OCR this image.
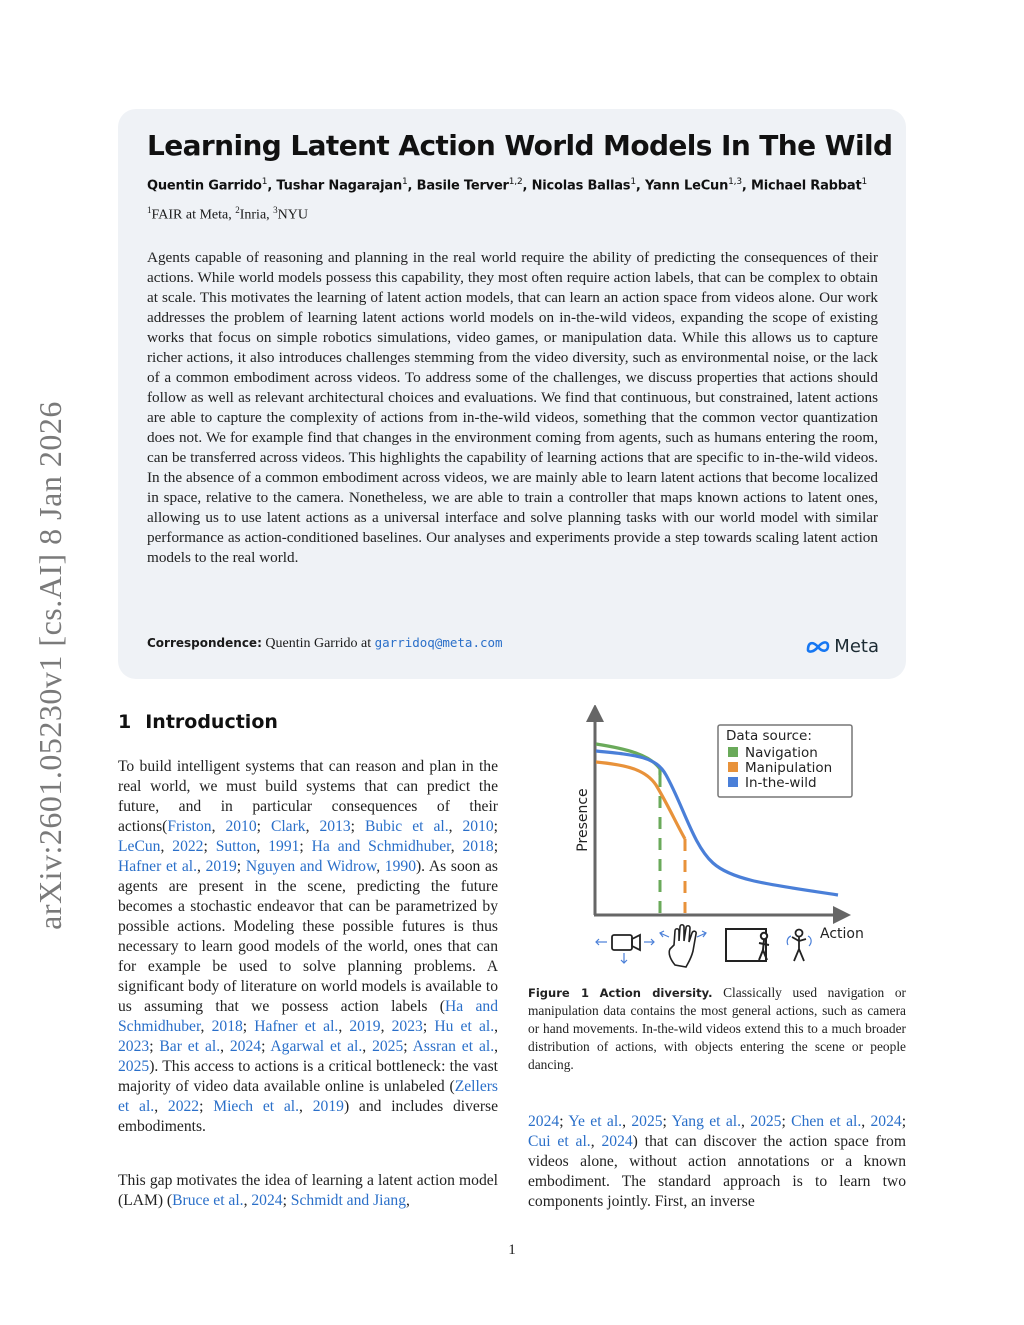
arXiv:2601.05230v1 [cs.AI] 8 Jan 2026
Learning Latent Action World Models In The Wild
Quentin Garrido$^1$, Tushar Nagarajan$^1$, Basile Terver$^{1,2}$, Nicolas Ballas$^1$, Yann LeCun$^{1,3}$, Michael Rabbat$^1$
$^1$FAIR at Meta, $^2$Inria, $^3$NYU

Agents capable of reasoning and planning in the real world require the ability of predicting the consequences of their actions. While world models possess this capability, they most often require action labels, that can be complex to obtain at scale. This motivates the learning of latent action models, that can learn an action space from videos alone. Our work addresses the problem of learning latent actions world models on in-the-wild videos, expanding the scope of existing works that focus on simple robotics simulations, video games, or manipulation data. While this allows us to capture richer actions, it also introduces challenges stemming from the video diversity, such as environmental noise, or the lack of a common embodiment across videos. To address some of the challenges, we discuss properties that actions should follow as well as relevant architectural choices and evaluations. We find that continuous, but constrained, latent actions are able to capture the complexity of actions from in-the-wild videos, something that the common vector quantization does not. We for example find that changes in the environment coming from agents, such as humans entering the room, can be transferred across videos. This highlights the capability of learning actions that are specific to in-the-wild videos. In the absence of a common embodiment across videos, we are mainly able to learn latent actions that become localized in space, relative to the camera. Nonetheless, we are able to train a controller that maps known actions to latent ones, allowing us to use latent actions as a universal interface and solve planning tasks with our world model with similar performance as action-conditioned baselines. Our analyses and experiments provide a step towards scaling latent action models to the real world.

Correspondence: Quentin Garrido at garridoq@meta.com	Meta
1 Introduction

To build intelligent systems that can reason and plan in the real world, we must build systems that can predict the future, and in particular consequences of their actions(Friston, 2010; Clark, 2013; Bubic et al., 2010; LeCun, 2022; Sutton, 1991; Ha and Schmidhuber, 2018; Hafner et al., 2019; Nguyen and Widrow, 1990). As soon as agents are present in the scene, predicting the future becomes a stochastic endeavor that can be parametrized by possible actions. Modeling these possible futures is thus necessary to learn good models of the world, ones that can for example be used to solve planning problems. A significant body of literature on world models is available to us assuming that we possess action labels (Ha and Schmidhuber, 2018; Hafner et al., 2019, 2023; Hu et al., 2023; Bar et al., 2024; Agarwal et al., 2025; Assran et al., 2025). This access to actions is a critical bottleneck: the vast majority of video data available online is unlabeled (Zellers et al., 2022; Miech et al., 2019) and includes diverse embodiments.

This gap motivates the idea of learning a latent action model (LAM) (Bruce et al., 2024; Schmidt and Jiang,

2024; Ye et al., 2025; Yang et al., 2025; Chen et al., 2024; Cui et al., 2024) that can discover the action space from videos alone, without action annotations or a known embodiment. The standard approach is to learn two components jointly. First, an inverse

Presence
Action
Data source:
Navigation
Manipulation
In-the-wild

Figure 1 Action diversity. Classically used navigation or manipulation data contains the most general actions, such as camera or hand movements. In-the-wild videos extend this to a much broader distribution of actions, with objects entering the scene or people dancing.

1
